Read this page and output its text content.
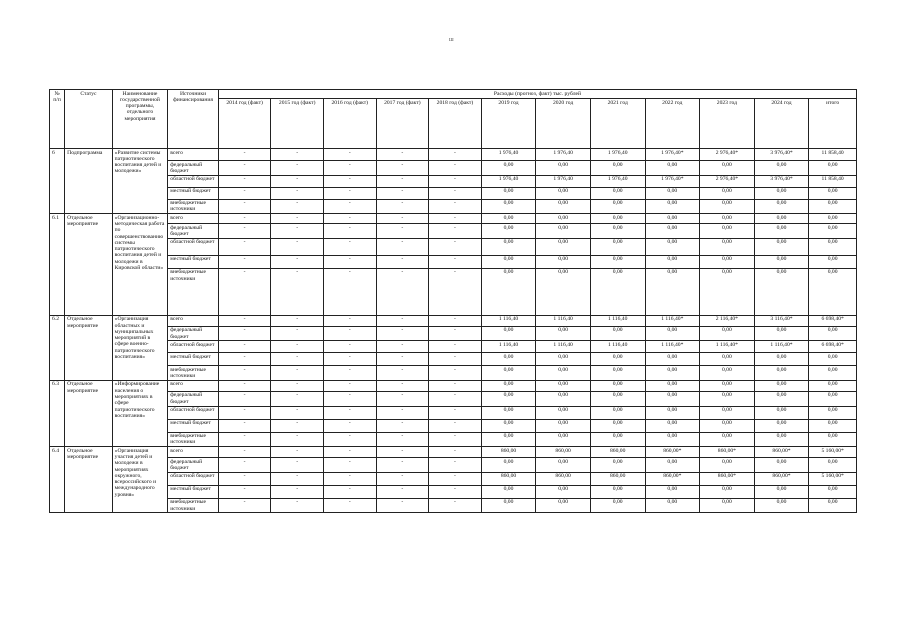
ш
№ п/п	Статус	Наименование государственной программы, отдельного мероприятия	Источники финансирования	Расходы (прогноз, факт) тыс. рублей											
				2014 год (факт)	2015 год (факт)	2016 год (факт)	2017 год (факт)	2018 год (факт)	2019 год	2020 год	2021 год	2022 год	2023 год	2024 год	итого
6	Подпрограмма	«Развитие системы патриотического воспитания детей и молодежи»	всего	-	-	-	-	-	1 976,40	1 976,40	1 976,40	1 976,40*	2 976,40*	3 976,40*	11 858,40
			федеральный бюджет	-	-	-	-	-	0,00	0,00	0,00	0,00	0,00	0,00	0,00
			областной бюджет	-	-	-	-	-	1 976,40	1 976,40	1 976,40	1 976,40*	2 976,40*	3 976,40*	11 858,40
			местный бюджет	-	-	-	-	-	0,00	0,00	0,00	0,00	0,00	0,00	0,00
			внебюджетные источники	-	-	-	-	-	0,00	0,00	0,00	0,00	0,00	0,00	0,00
6.1	Отдельное мероприятие	«Организационно-методическая работа по совершенствованию системы патриотического воспитания детей и молодежи в Кировской области»	всего	-	-	-	-	-	0,00	0,00	0,00	0,00	0,00	0,00	0,00
			федеральный бюджет	-	-	-	-	-	0,00	0,00	0,00	0,00	0,00	0,00	0,00
			областной бюджет	-	-	-	-	-	0,00	0,00	0,00	0,00	0,00	0,00	0,00
			местный бюджет	-	-	-	-	-	0,00	0,00	0,00	0,00	0,00	0,00	0,00
			внебюджетные источники	-	-	-	-	-	0,00	0,00	0,00	0,00	0,00	0,00	0,00
6.2	Отдельное мероприятие	«Организация областных и муниципальных мероприятий в сфере военно-патриотического воспитания»	всего	-	-	-	-	-	1 116,40	1 116,40	1 116,40	1 116,40*	2 116,40*	3 116,40*	6 698,40*
			федеральный бюджет	-	-	-	-	-	0,00	0,00	0,00	0,00	0,00	0,00	0,00
			областной бюджет	-	-	-	-	-	1 116,40	1 116,40	1 116,40	1 116,40*	1 116,40*	1 116,40*	6 698,40*
			местный бюджет	-	-	-	-	-	0,00	0,00	0,00	0,00	0,00	0,00	0,00
			внебюджетные источники	-	-	-	-	-	0,00	0,00	0,00	0,00	0,00	0,00	0,00
6.3	Отдельное мероприятие	«Информирование населения о мероприятиях в сфере патриотического воспитания»	всего	-	-	-	-	-	0,00	0,00	0,00	0,00	0,00	0,00	0,00
			федеральный бюджет	-	-	-	-	-	0,00	0,00	0,00	0,00	0,00	0,00	0,00
			областной бюджет	-	-	-	-	-	0,00	0,00	0,00	0,00	0,00	0,00	0,00
			местный бюджет	-	-	-	-	-	0,00	0,00	0,00	0,00	0,00	0,00	0,00
			внебюджетные источники	-	-	-	-	-	0,00	0,00	0,00	0,00	0,00	0,00	0,00
6.4	Отдельное мероприятие	«Организация участия детей и молодежи в мероприятиях окружного, всероссийского и международного уровня»	всего	-	-	-	-	-	860,00	860,00	860,00	860,00*	860,00*	860,00*	5 160,00*
			федеральный бюджет	-	-	-	-	-	0,00	0,00	0,00	0,00	0,00	0,00	0,00
			областной бюджет	-	-	-	-	-	860,00	860,00	860,00	860,00*	860,00*	860,00*	5 160,00*
			местный бюджет	-	-	-	-	-	0,00	0,00	0,00	0,00	0,00	0,00	0,00
			внебюджетные источники	-	-	-	-	-	0,00	0,00	0,00	0,00	0,00	0,00	0,00
